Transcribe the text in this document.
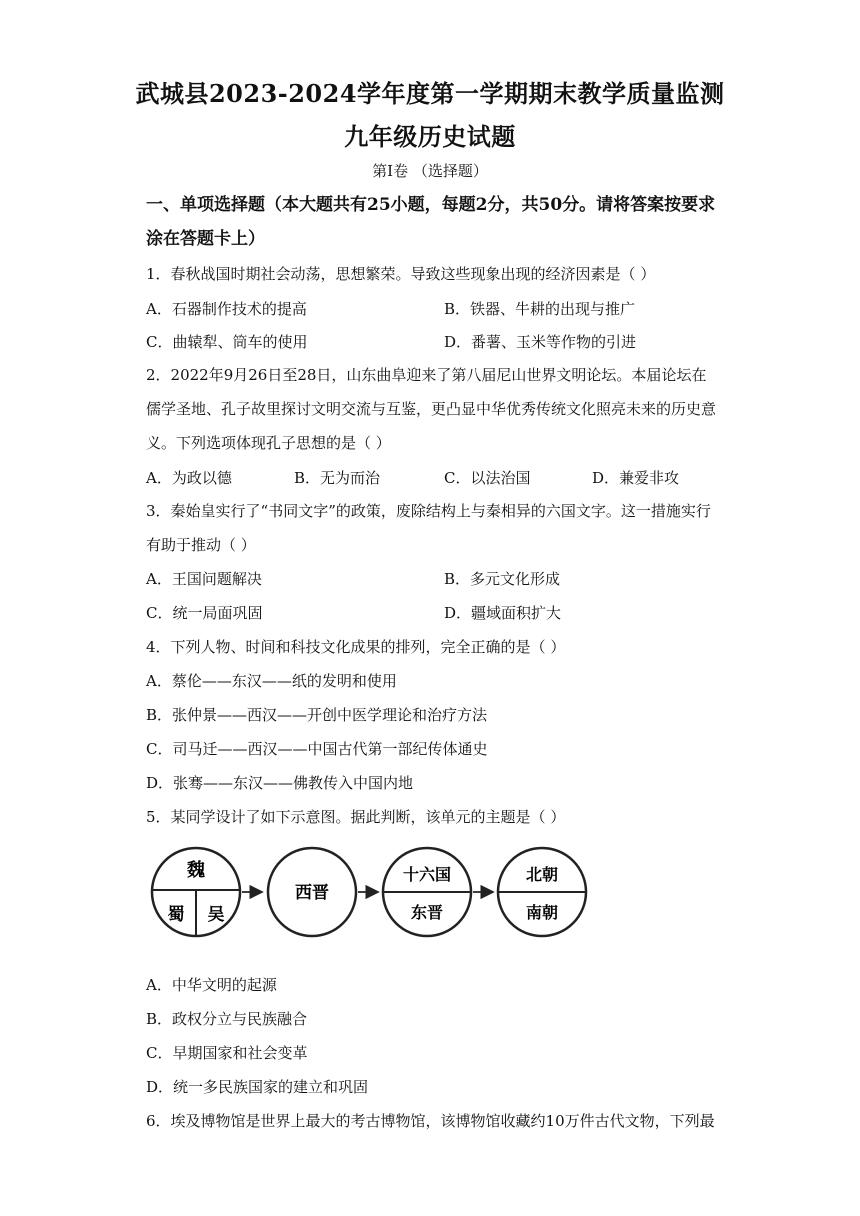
武城县2023-2024学年度第一学期期末教学质量监测
九年级历史试题
第Ⅰ卷 （选择题）
一、单项选择题（本大题共有25小题，每题2分，共50分。请将答案按要求涂在答题卡上）
1．春秋战国时期社会动荡，思想繁荣。导致这些现象出现的经济因素是（ ）
A．石器制作技术的提高	B．铁器、牛耕的出现与推广
C．曲辕犁、筒车的使用	D．番薯、玉米等作物的引进
2．2022年9月26日至28日，山东曲阜迎来了第八届尼山世界文明论坛。本届论坛在儒学圣地、孔子故里探讨文明交流与互鉴，更凸显中华优秀传统文化照亮未来的历史意义。下列选项体现孔子思想的是（ ）
A．为政以德	B．无为而治	C．以法治国	D．兼爱非攻
3．秦始皇实行了“书同文字”的政策，废除结构上与秦相异的六国文字。这一措施实行有助于推动（ ）
A．王国问题解决	B．多元文化形成
C．统一局面巩固	D．疆域面积扩大
4．下列人物、时间和科技文化成果的排列，完全正确的是（ ）
A．蔡伦——东汉——纸的发明和使用
B．张仲景——西汉——开创中医学理论和治疗方法
C．司马迁——西汉——中国古代第一部纪传体通史
D．张骞——东汉——佛教传入中国内地
5．某同学设计了如下示意图。据此判断，该单元的主题是（ ）
魏
蜀 吴
西晋
十六国
东晋
北朝
南朝
A．中华文明的起源
B．政权分立与民族融合
C．早期国家和社会变革
D．统一多民族国家的建立和巩固
6．埃及博物馆是世界上最大的考古博物馆，该博物馆收藏约10万件古代文物，下列最
